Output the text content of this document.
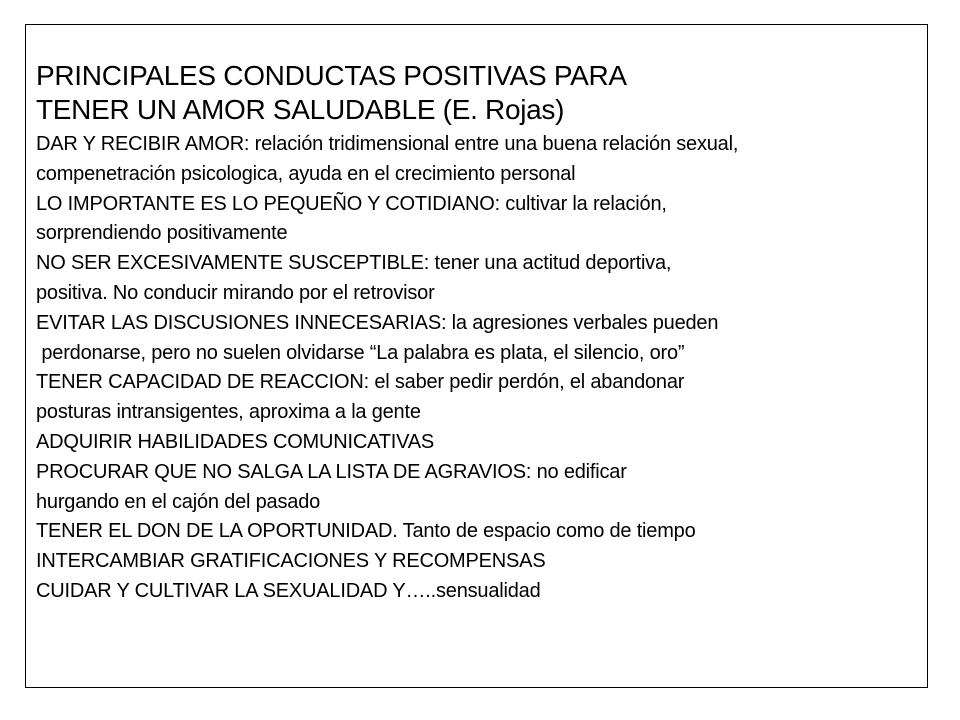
PRINCIPALES CONDUCTAS POSITIVAS PARA
TENER UN AMOR SALUDABLE (E. Rojas)
DAR Y RECIBIR AMOR: relación tridimensional entre una buena relación sexual,
compenetración psicologica, ayuda en el crecimiento personal
LO IMPORTANTE ES LO PEQUEÑO Y COTIDIANO: cultivar la relación,
sorprendiendo positivamente
NO SER EXCESIVAMENTE SUSCEPTIBLE: tener una actitud deportiva,
positiva. No conducir mirando por el retrovisor
EVITAR LAS DISCUSIONES INNECESARIAS: la agresiones verbales pueden
perdonarse, pero no suelen olvidarse “La palabra es plata, el silencio, oro”
TENER CAPACIDAD DE REACCION: el saber pedir perdón, el abandonar
posturas intransigentes, aproxima a la gente
ADQUIRIR HABILIDADES COMUNICATIVAS
PROCURAR QUE NO SALGA LA LISTA DE AGRAVIOS: no edificar
hurgando en el cajón del pasado
TENER EL DON DE LA OPORTUNIDAD. Tanto de espacio como de tiempo
INTERCAMBIAR GRATIFICACIONES Y RECOMPENSAS
CUIDAR Y CULTIVAR LA SEXUALIDAD Y…..sensualidad
